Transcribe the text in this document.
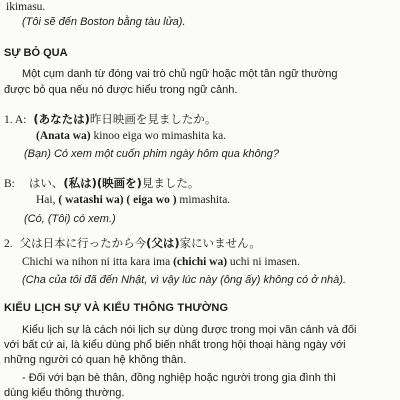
ikimasu.
(Tôi sẽ đến Boston bằng tàu lửa).
SỰ BỎ QUA
Một cụm danh từ đóng vai trò chủ ngữ hoặc một tân ngữ thường
được bỏ qua nếu nó được hiểu trong ngữ cảnh.
1. A: (あなたは)昨日映画を見ましたか。
(Anata wa) kinoo eiga wo mimashita ka.
(Bạn) Có xem một cuốn phim ngày hôm qua không?
B: はい、(私は)(映画を)見ました。
Hai, ( watashi wa) ( eiga wo ) mimashita.
(Có, (Tôi) có xem.)
2. 父は日本に行ったから今(父は)家にいません。
Chichi wa nihon ni itta kara ima (chichi wa) uchi ni imasen.
(Cha của tôi đã đến Nhật, vì vậy lúc này (ông ấy) không có ở nhà).
KIỂU LỊCH SỰ VÀ KIỂU THÔNG THƯỜNG
Kiểu lịch sự là cách nói lịch sự dùng được trong mọi văn cảnh và đối
với bất cứ ai, là kiểu dùng phổ biến nhất trong hội thoại hàng ngày với
những người có quan hệ không thân.
- Đối với bạn bè thân, đồng nghiệp hoặc người trong gia đình thì
dùng kiểu thông thường.
